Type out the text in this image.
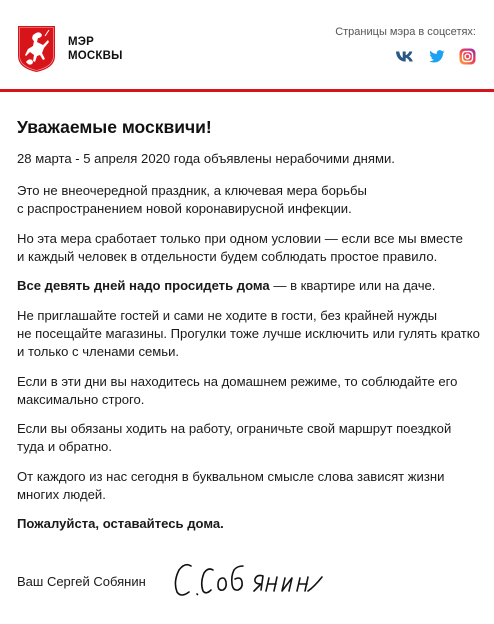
МЭР
МОСКВЫ
Страницы мэра в соцсетях:
Уважаемые москвичи!

28 марта - 5 апреля 2020 года объявлены нерабочими днями.

Это не внеочередной праздник, а ключевая мера борьбы
с распространением новой коронавирусной инфекции.

Но эта мера сработает только при одном условии — если все мы вместе
и каждый человек в отдельности будем соблюдать простое правило.

Все девять дней надо просидеть дома — в квартире или на даче.

Не приглашайте гостей и сами не ходите в гости, без крайней нужды
не посещайте магазины. Прогулки тоже лучше исключить или гулять кратко
и только с членами семьи.

Если в эти дни вы находитесь на домашнем режиме, то соблюдайте его
максимально строго.

Если вы обязаны ходить на работу, ограничьте свой маршрут поездкой
туда и обратно.

От каждого из нас сегодня в буквальном смысле слова зависят жизни
многих людей.

Пожалуйста, оставайтесь дома.

Ваш Сергей Собянин
